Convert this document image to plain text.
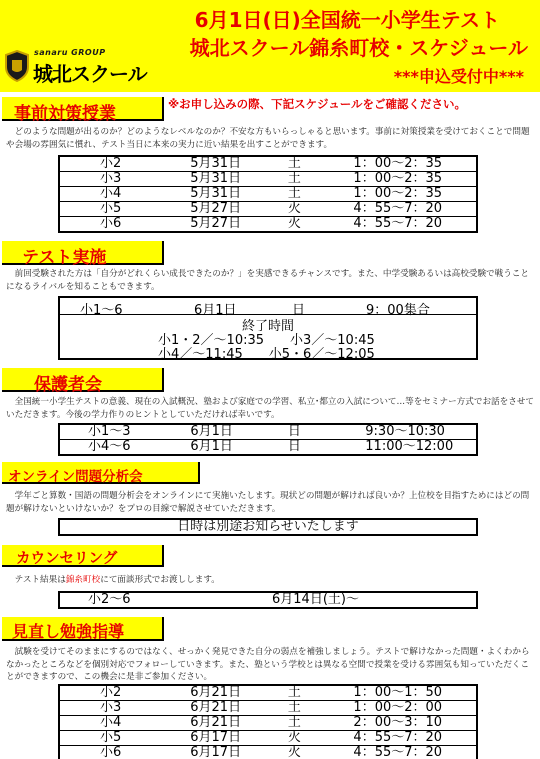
sanaru GROUP
城北スクール
6月1日(日)全国統一小学生テスト
城北スクール錦糸町校・スケジュール
***申込受付中***
事前対策授業	※お申し込みの際、下記スケジュールをご確認ください。
　どのような問題が出るのか？どのようなレベルなのか？不安な方もいらっしゃると思います。事前に対策授業を受けておくことで問題や会場の雰囲気に慣れ、テスト当日に本来の実力に近い結果を出すことができます。
小2	5月31日	土	1：00～2：35
小3	5月31日	土	1：00～2：35
小4	5月31日	土	1：00～2：35
小5	5月27日	火	4：55～7：20
小6	5月27日	火	4：55～7：20
テスト実施
　前回受験された方は「自分がどれくらい成長できたのか？」を実感できるチャンスです。また、中学受験あるいは高校受験で戦うことになるライバルを知ることもできます。
小1～6	6月1日	日	9：00集合
終了時間
小1・2／～10:35　　小3／～10:45
小4／～11:45　　小5・6／～12:05
保護者会
　全国統一小学生テストの意義、現在の入試概況、塾および家庭での学習、私立･都立の入試について…等をセミナー方式でお話をさせていただきます。今後の学力作りのヒントとしていただければ幸いです。
小1～3	6月1日	日	9:30～10:30
小4～6	6月1日	日	11:00～12:00
オンライン問題分析会
　学年ごと算数・国語の問題分析会をオンラインにて実施いたします。現状どの問題が解ければ良いか？上位校を目指すためにはどの問題が解けないといけないか？をプロの目線で解説させていただきます。
日時は別途お知らせいたします
カウンセリング
　テスト結果は錦糸町校にて面談形式でお渡しします。
小2～6	6月14日(土)～
見直し勉強指導
　試験を受けてそのままにするのではなく、せっかく発見できた自分の弱点を補強しましょう。テストで解けなかった問題・よくわからなかったところなどを個別対応でフォローしていきます。また、塾という学校とは異なる空間で授業を受ける雰囲気も知っていただくことができますので、この機会に是非ご参加ください。
小2	6月21日	土	1：00～1：50
小3	6月21日	土	1：00～2：00
小4	6月21日	土	2：00～3：10
小5	6月17日	火	4：55～7：20
小6	6月17日	火	4：55～7：20
